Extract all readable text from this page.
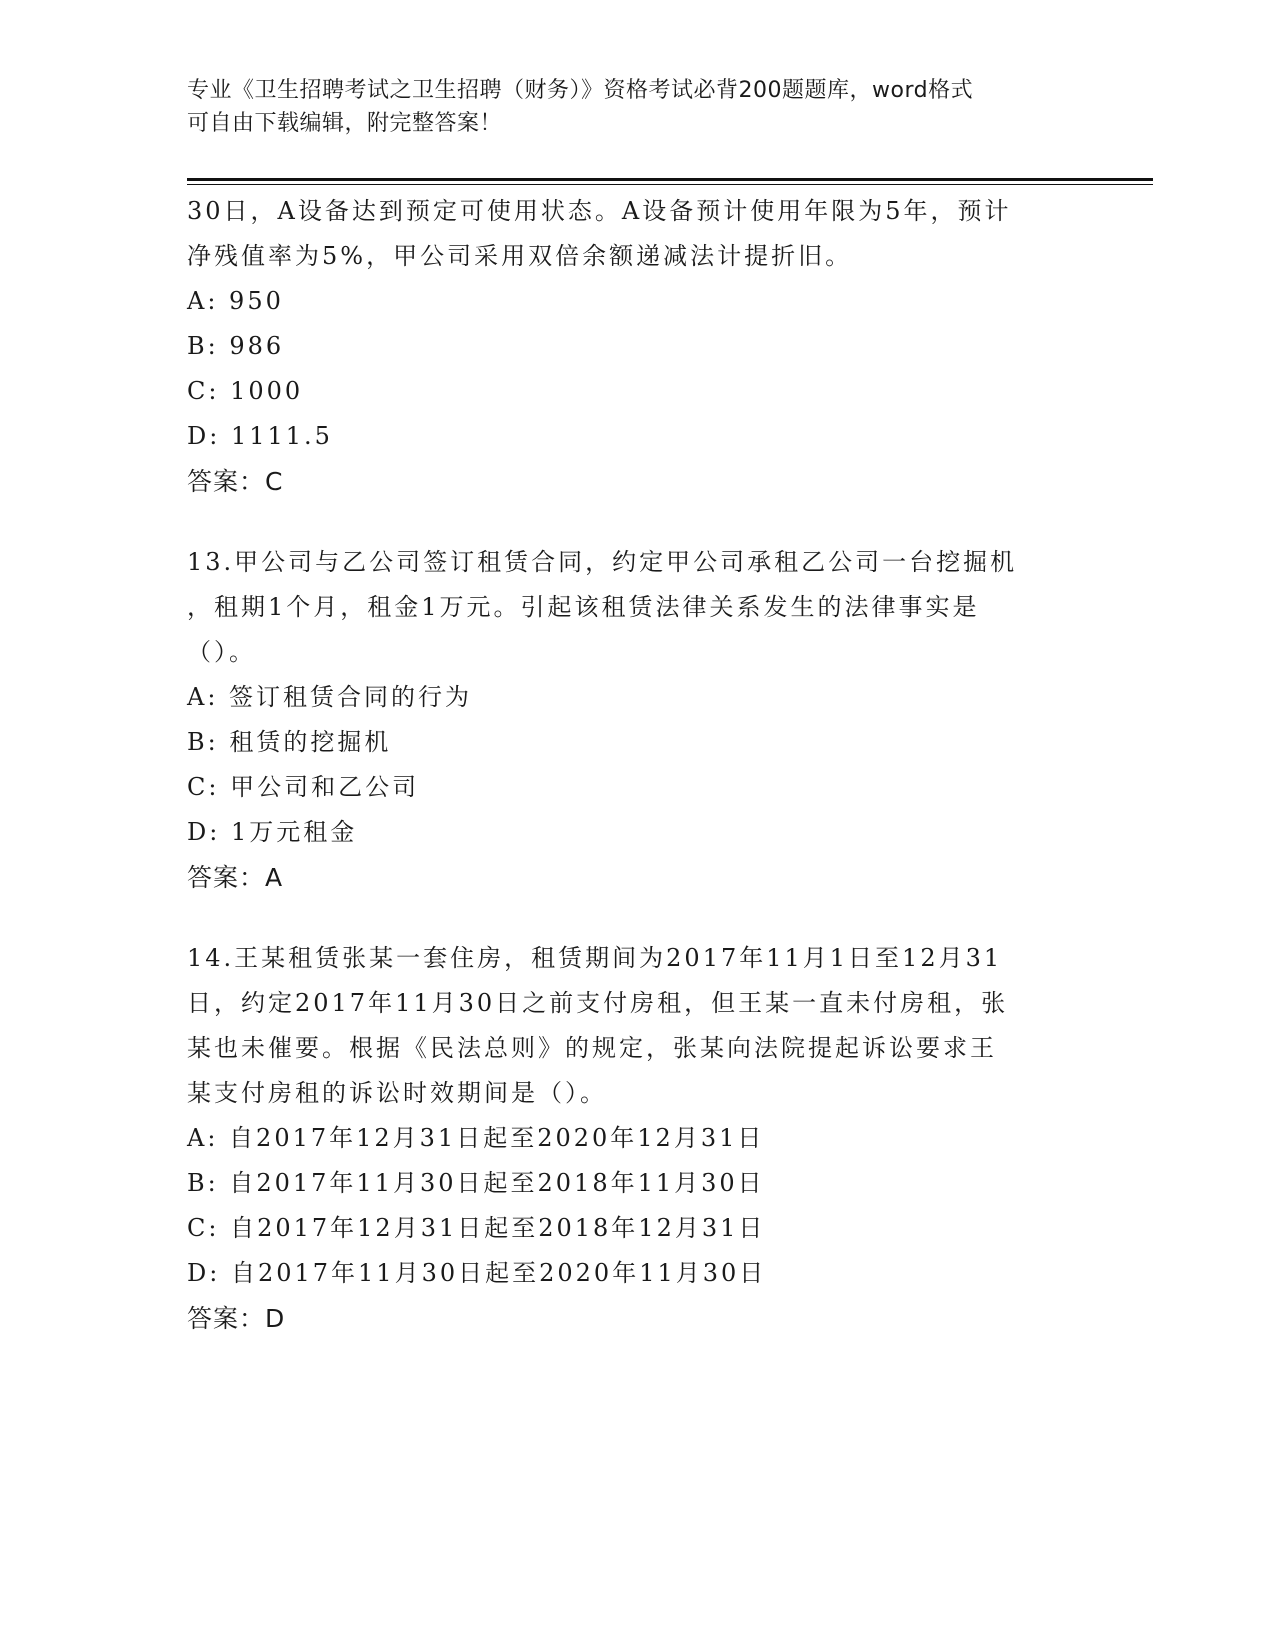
专业《卫生招聘考试之卫生招聘（财务）》资格考试必背200题题库，word格式
可自由下载编辑，附完整答案！
30日，A设备达到预定可使用状态。A设备预计使用年限为5年，预计
净残值率为5%，甲公司采用双倍余额递减法计提折旧。
A: 950
B: 986
C: 1000
D: 1111.5
答案：C
13.甲公司与乙公司签订租赁合同，约定甲公司承租乙公司一台挖掘机
，租期1个月，租金1万元。引起该租赁法律关系发生的法律事实是
（）。
A: 签订租赁合同的行为
B: 租赁的挖掘机
C: 甲公司和乙公司
D: 1万元租金
答案：A
14.王某租赁张某一套住房，租赁期间为2017年11月1日至12月31
日，约定2017年11月30日之前支付房租，但王某一直未付房租，张
某也未催要。根据《民法总则》的规定，张某向法院提起诉讼要求王
某支付房租的诉讼时效期间是（）。
A: 自2017年12月31日起至2020年12月31日
B: 自2017年11月30日起至2018年11月30日
C: 自2017年12月31日起至2018年12月31日
D: 自2017年11月30日起至2020年11月30日
答案：D
